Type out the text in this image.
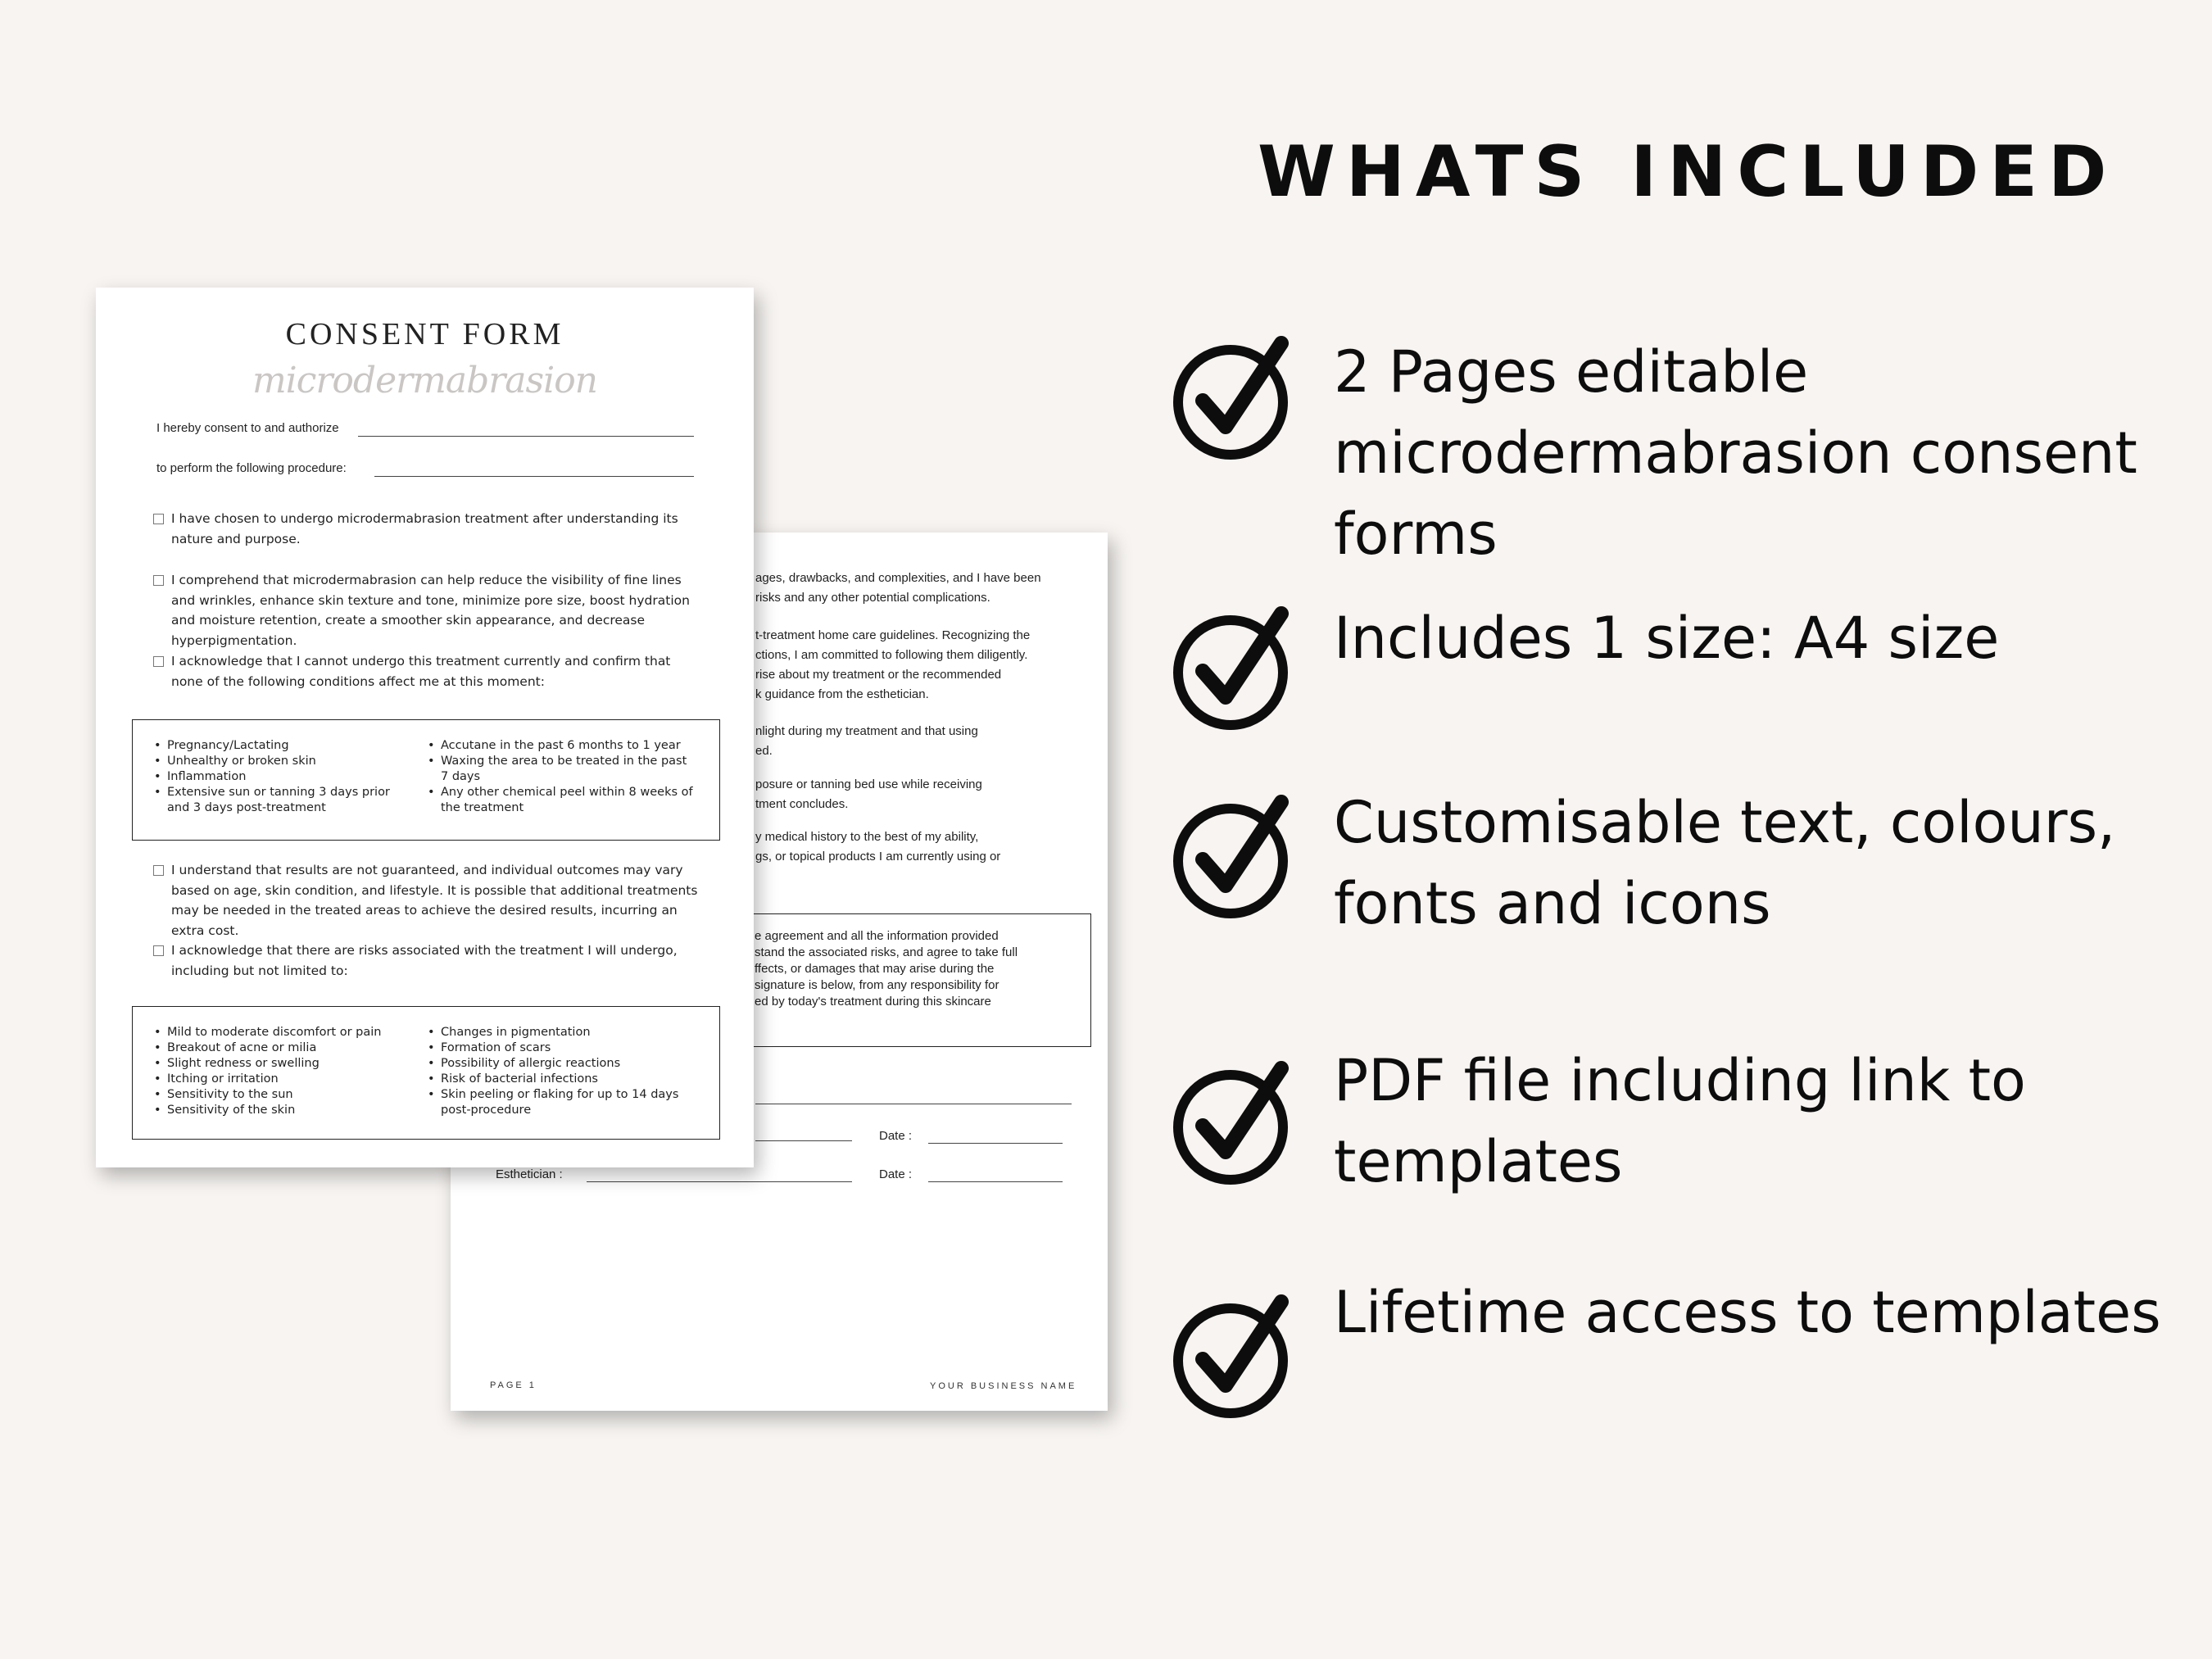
ages, drawbacks, and complexities, and I have been
risks and any other potential complications.
t-treatment home care guidelines. Recognizing the
ctions, I am committed to following them diligently.
rise about my treatment or the recommended
k guidance from the esthetician.
nlight during my treatment and that using
ed.
posure or tanning bed use while receiving
tment concludes.
y medical history to the best of my ability,
gs, or topical products I am currently using or
e agreement and all the information provided
stand the associated risks, and agree to take full
ffects, or damages that may arise during the
signature is below, from any responsibility for
ed by today's treatment during this skincare
Date :
Esthetician :	Date :
PAGE 1	YOUR BUSINESS NAME
CONSENT FORM
microdermabrasion
I hereby consent to and authorize
to perform the following procedure:
I have chosen to undergo microdermabrasion treatment after understanding its nature and purpose.
I comprehend that microdermabrasion can help reduce the visibility of fine lines and wrinkles, enhance skin texture and tone, minimize pore size, boost hydration and moisture retention, create a smoother skin appearance, and decrease hyperpigmentation.
I acknowledge that I cannot undergo this treatment currently and confirm that none of the following conditions affect me at this moment:
• Pregnancy/Lactating
• Unhealthy or broken skin
• Inflammation
• Extensive sun or tanning 3 days prior and 3 days post-treatment
• Accutane in the past 6 months to 1 year
• Waxing the area to be treated in the past 7 days
• Any other chemical peel within 8 weeks of the treatment
I understand that results are not guaranteed, and individual outcomes may vary based on age, skin condition, and lifestyle. It is possible that additional treatments may be needed in the treated areas to achieve the desired results, incurring an extra cost.
I acknowledge that there are risks associated with the treatment I will undergo, including but not limited to:
• Mild to moderate discomfort or pain
• Breakout of acne or milia
• Slight redness or swelling
• Itching or irritation
• Sensitivity to the sun
• Sensitivity of the skin
• Changes in pigmentation
• Formation of scars
• Possibility of allergic reactions
• Risk of bacterial infections
• Skin peeling or flaking for up to 14 days post-procedure
WHATS INCLUDED
2 Pages editable microdermabrasion consent forms
Includes 1 size: A4 size
Customisable text, colours, fonts and icons
PDF file including link to templates
Lifetime access to templates
